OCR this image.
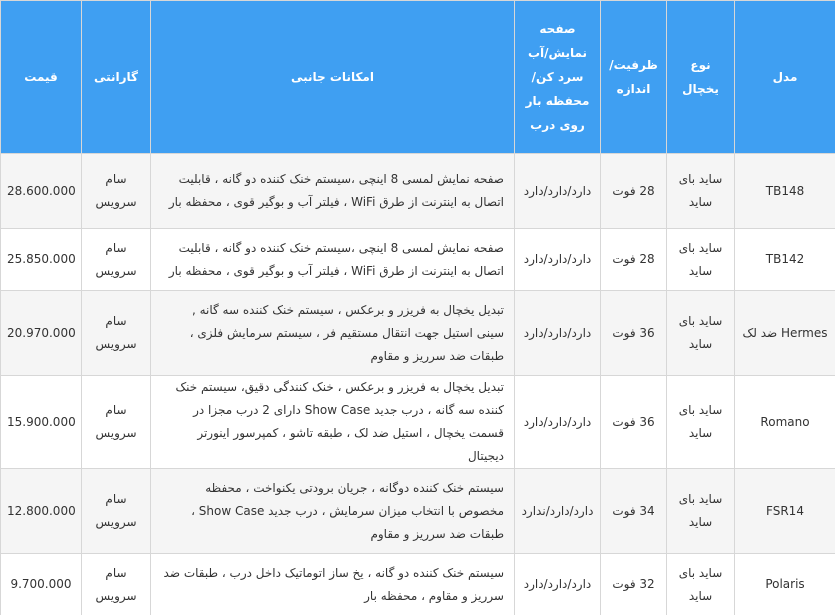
مدل	نوع یخچال	ظرفیت/ اندازه	صفحه نمایش/آب سرد کن/ محفظه بار روی درب	امکانات جانبی	گارانتی	قیمت
TB148	ساید بای ساید	28 فوت	دارد/دارد/دارد	صفحه نمایش لمسی 8 اینچی ،سیستم خنک کننده دو گانه ، قابلیت اتصال به اینترنت از طرق WiFi ، فیلتر آب و بوگیر قوی ، محفظه بار	سام سرویس	28.600.000
TB142	ساید بای ساید	28 فوت	دارد/دارد/دارد	صفحه نمایش لمسی 8 اینچی ،سیستم خنک کننده دو گانه ، قابلیت اتصال به اینترنت از طرق WiFi ، فیلتر آب و بوگیر قوی ، محفظه بار	سام سرویس	25.850.000
Hermes ضد لک	ساید بای ساید	36 فوت	دارد/دارد/دارد	تبدیل یخچال به فریزر و برعکس ، سیستم خنک کننده سه گانه , سینی استیل جهت انتقال مستقیم فر ، سیستم سرمایش فلزی ، طبقات ضد سرریز و مقاوم	سام سرویس	20.970.000
Romano	ساید بای ساید	36 فوت	دارد/دارد/دارد	تبدیل یخچال به فریزر و برعکس ، خنک کنندگی دقیق، سیستم خنک کننده سه گانه ، درب جدید Show Case دارای 2 درب مجزا در قسمت یخچال ، استیل ضد لک ، طبقه تاشو ، کمپرسور اینورتر دیجیتال	سام سرویس	15.900.000
FSR14	ساید بای ساید	34 فوت	دارد/دارد/ندارد	سیستم خنک کننده دوگانه ، جریان برودتی یکنواخت ، محفظه مخصوص با انتخاب میزان سرمایش ، درب جدید Show Case ، طبقات ضد سرریز و مقاوم	سام سرویس	12.800.000
Polaris	ساید بای ساید	32 فوت	دارد/دارد/دارد	سیستم خنک کننده دو گانه ، یخ ساز اتوماتیک داخل درب ، طبقات ضد سرریز و مقاوم ، محفظه بار	سام سرویس	9.700.000
